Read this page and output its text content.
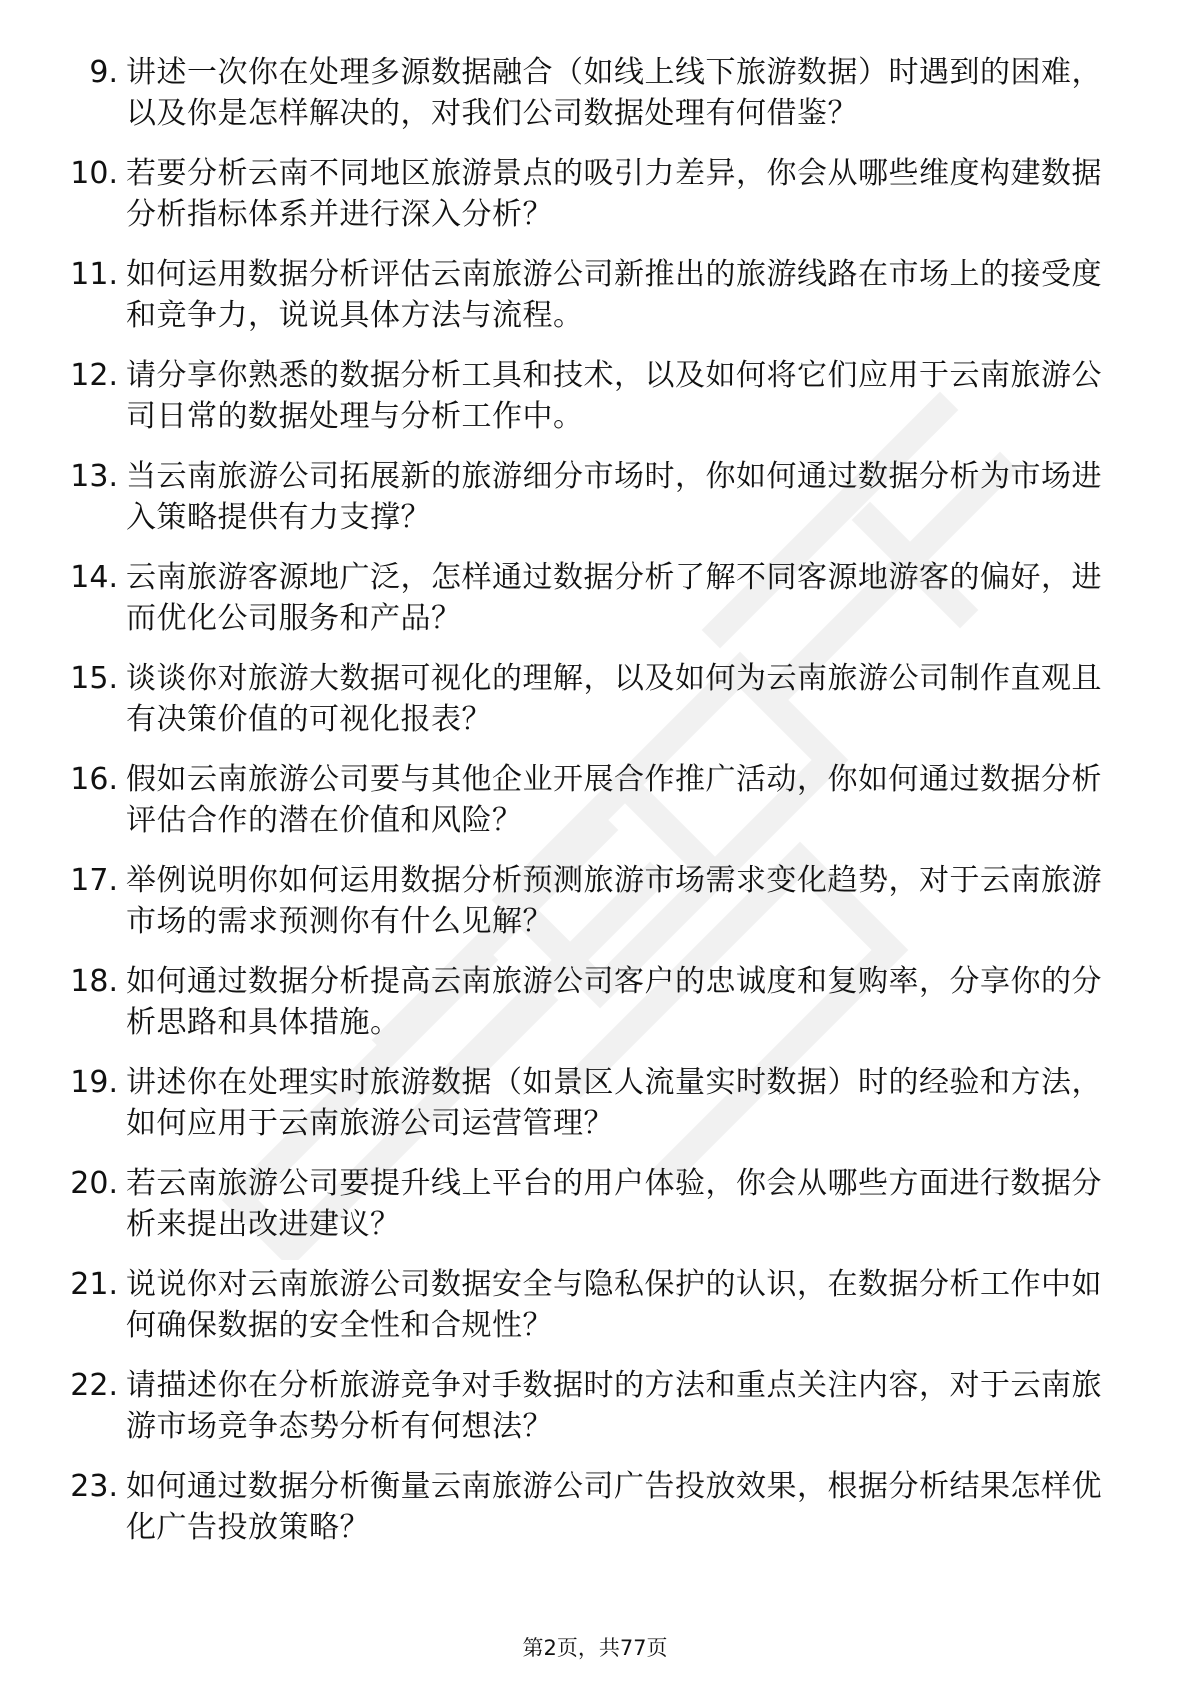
9. 讲述一次你在处理多源数据融合（如线上线下旅游数据）时遇到的困难，以及你是怎样解决的，对我们公司数据处理有何借鉴？
10. 若要分析云南不同地区旅游景点的吸引力差异，你会从哪些维度构建数据分析指标体系并进行深入分析？
11. 如何运用数据分析评估云南旅游公司新推出的旅游线路在市场上的接受度和竞争力，说说具体方法与流程。
12. 请分享你熟悉的数据分析工具和技术，以及如何将它们应用于云南旅游公司日常的数据处理与分析工作中。
13. 当云南旅游公司拓展新的旅游细分市场时，你如何通过数据分析为市场进入策略提供有力支撑？
14. 云南旅游客源地广泛，怎样通过数据分析了解不同客源地游客的偏好，进而优化公司服务和产品？
15. 谈谈你对旅游大数据可视化的理解，以及如何为云南旅游公司制作直观且有决策价值的可视化报表？
16. 假如云南旅游公司要与其他企业开展合作推广活动，你如何通过数据分析评估合作的潜在价值和风险？
17. 举例说明你如何运用数据分析预测旅游市场需求变化趋势，对于云南旅游市场的需求预测你有什么见解？
18. 如何通过数据分析提高云南旅游公司客户的忠诚度和复购率，分享你的分析思路和具体措施。
19. 讲述你在处理实时旅游数据（如景区人流量实时数据）时的经验和方法，如何应用于云南旅游公司运营管理？
20. 若云南旅游公司要提升线上平台的用户体验，你会从哪些方面进行数据分析来提出改进建议？
21. 说说你对云南旅游公司数据安全与隐私保护的认识，在数据分析工作中如何确保数据的安全性和合规性？
22. 请描述你在分析旅游竞争对手数据时的方法和重点关注内容，对于云南旅游市场竞争态势分析有何想法？
23. 如何通过数据分析衡量云南旅游公司广告投放效果，根据分析结果怎样优化广告投放策略？
第2页，共77页
